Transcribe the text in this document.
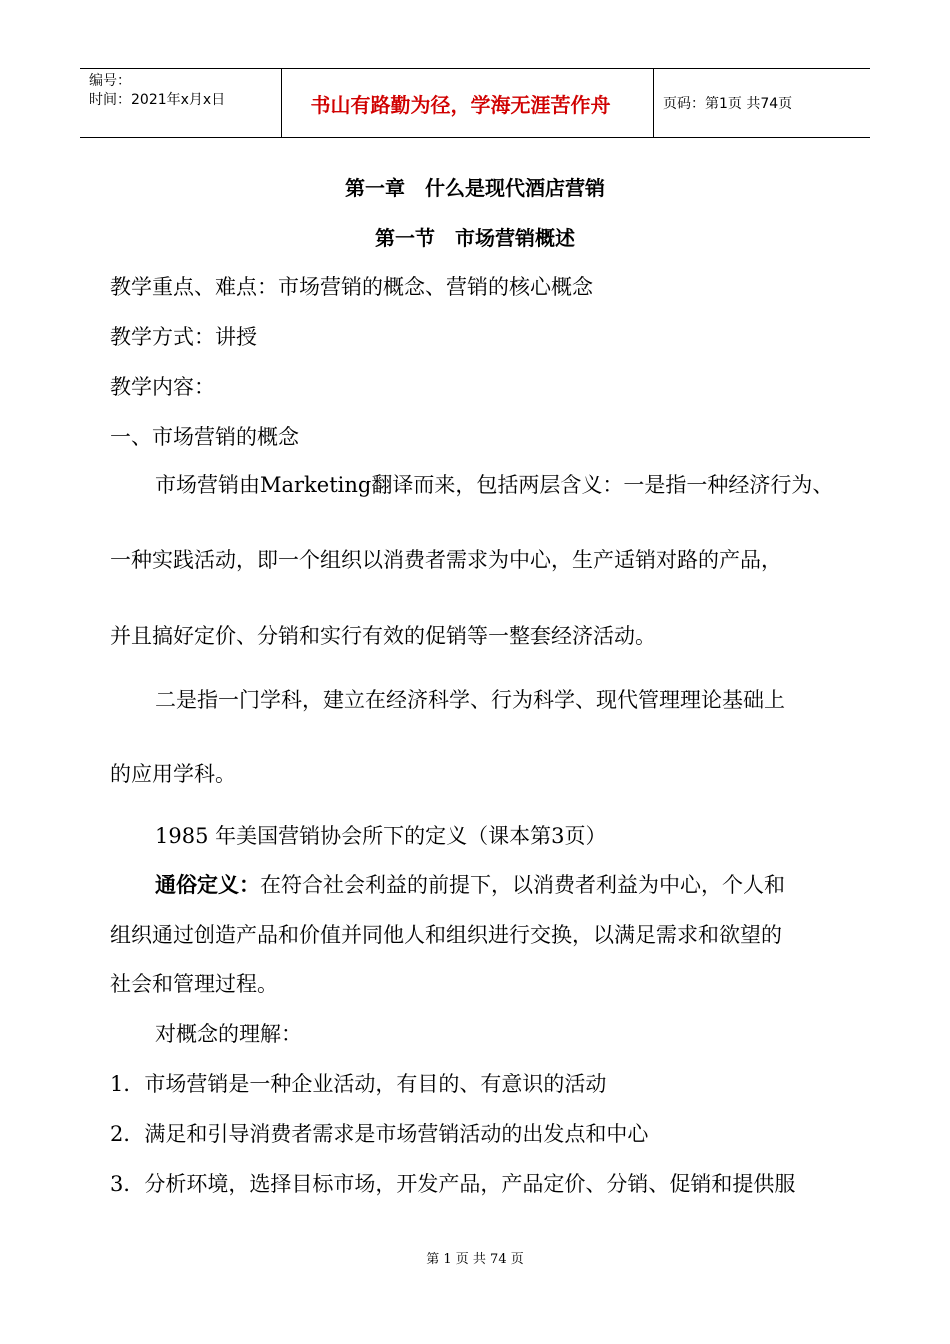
编号：
时间：2021年x月x日	书山有路勤为径，学海无涯苦作舟	页码：第1页 共74页
第一章　什么是现代酒店营销
第一节　市场营销概述
教学重点、难点：市场营销的概念、营销的核心概念
教学方式：讲授
教学内容：
一、市场营销的概念
市场营销由Marketing翻译而来，包括两层含义：一是指一种经济行为、
一种实践活动，即一个组织以消费者需求为中心，生产适销对路的产品，
并且搞好定价、分销和实行有效的促销等一整套经济活动。
二是指一门学科，建立在经济科学、行为科学、现代管理理论基础上
的应用学科。
1985 年美国营销协会所下的定义（课本第3页）
通俗定义：在符合社会利益的前提下，以消费者利益为中心，个人和
组织通过创造产品和价值并同他人和组织进行交换，以满足需求和欲望的
社会和管理过程。
对概念的理解：
1．市场营销是一种企业活动，有目的、有意识的活动
2．满足和引导消费者需求是市场营销活动的出发点和中心
3．分析环境，选择目标市场，开发产品，产品定价、分销、促销和提供服
第 1 页 共 74 页
